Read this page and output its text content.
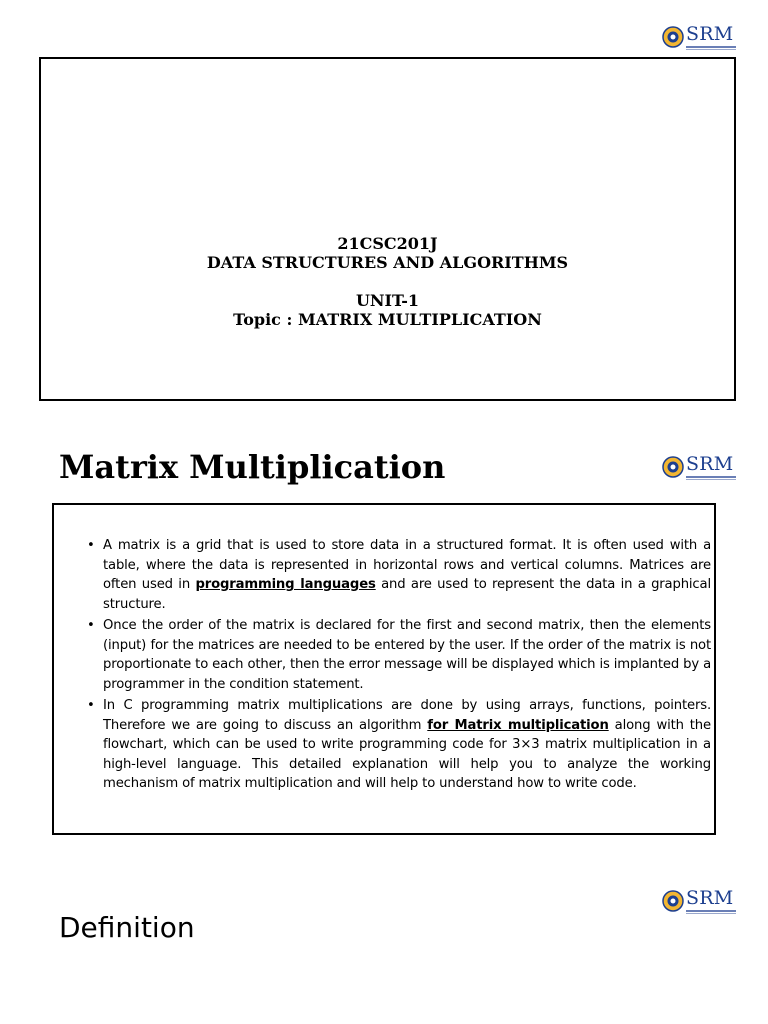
SRM
21CSC201J
DATA STRUCTURES AND ALGORITHMS
UNIT-1
Topic : MATRIX MULTIPLICATION
Matrix Multiplication	SRM
• A matrix is a grid that is used to store data in a structured format. It is often used with a table, where the data is represented in horizontal rows and vertical columns. Matrices are often used in programming languages and are used to represent the data in a graphical structure.
• Once the order of the matrix is declared for the first and second matrix, then the elements (input) for the matrices are needed to be entered by the user. If the order of the matrix is not proportionate to each other, then the error message will be displayed which is implanted by a programmer in the condition statement.
• In C programming matrix multiplications are done by using arrays, functions, pointers. Therefore we are going to discuss an algorithm for Matrix multiplication along with the flowchart, which can be used to write programming code for 3×3 matrix multiplication in a high-level language. This detailed explanation will help you to analyze the working mechanism of matrix multiplication and will help to understand how to write code.
SRM
Definition
